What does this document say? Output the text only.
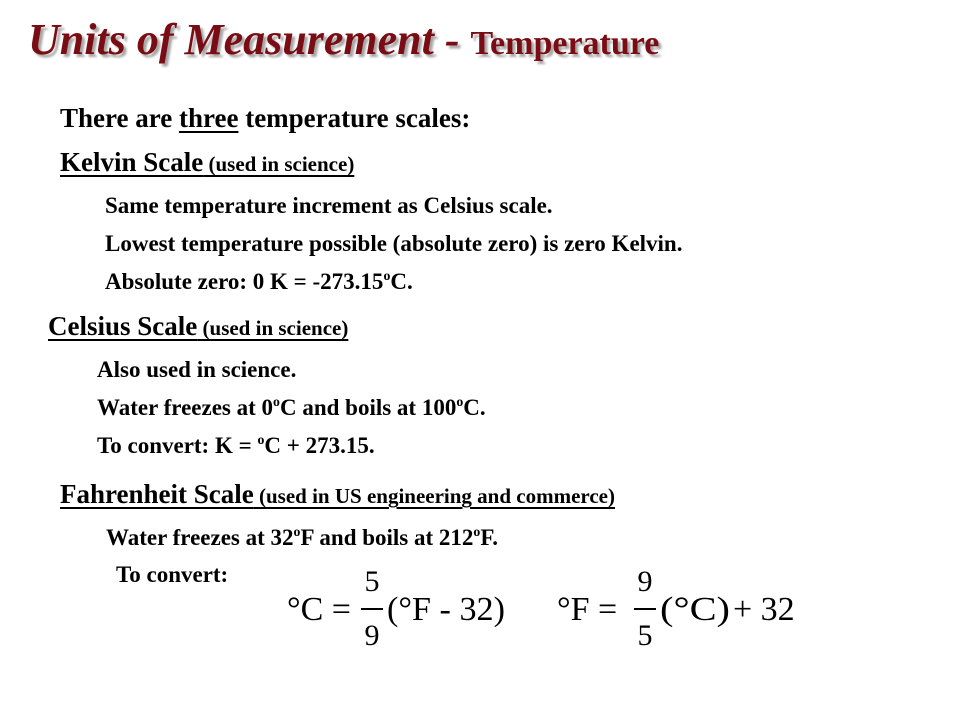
Units of Measurement - Temperature
There are three temperature scales:
Kelvin Scale (used in science)
Same temperature increment as Celsius scale.
Lowest temperature possible (absolute zero) is zero Kelvin.
Absolute zero: 0 $K = -273.15^oC$.
Celsius Scale (used in science)
Also used in science.
Water freezes at 0$^o$C and boils at 100$^o$C.
To convert: K = $^o$C + 273.15.
Fahrenheit Scale (used in US engineering and commerce)
Water freezes at 32$^o$F and boils at 212$^o$F.
To convert:
°C =
5
9
(°F - 32) °F =
9
5
(°C) + 32
